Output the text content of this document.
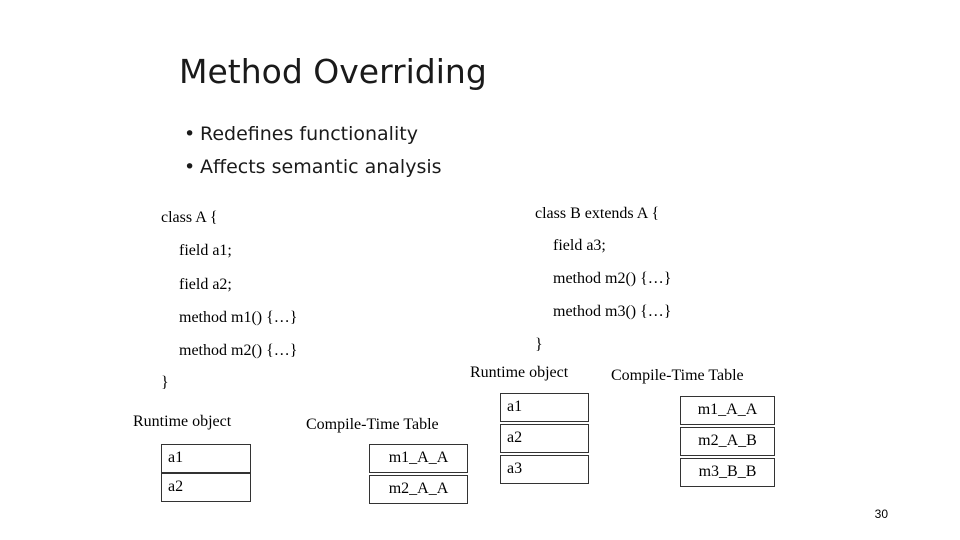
Method Overriding
• Redefines functionality
• Affects semantic analysis
class A {
field a1;
field a2;
method m1() {…}
method m2() {…}
}
class B extends A {
field a3;
method m2() {…}
method m3() {…}
}
Runtime object	Compile-Time Table
a1
a2
m1_A_A
m2_A_A
Runtime object	Compile-Time Table
a1
a2
a3
m1_A_A
m2_A_B
m3_B_B
30
